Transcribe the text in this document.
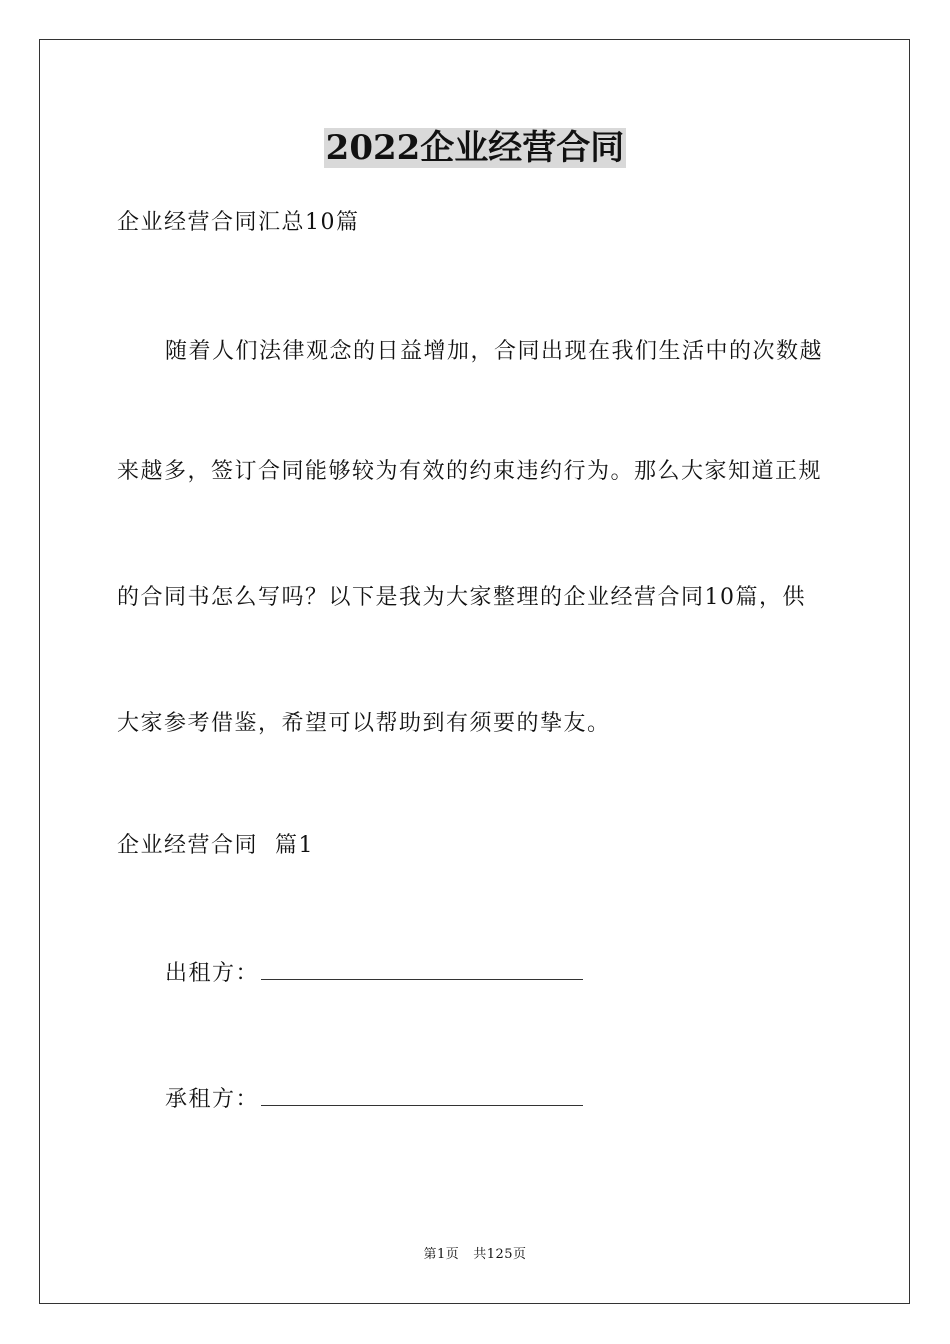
2022企业经营合同
企业经营合同汇总10篇
随着人们法律观念的日益增加，合同出现在我们生活中的次数越
来越多，签订合同能够较为有效的约束违约行为。那么大家知道正规
的合同书怎么写吗？以下是我为大家整理的企业经营合同10篇，供
大家参考借鉴，希望可以帮助到有须要的挚友。
企业经营合同  篇1
出租方：
承租方：
第1页 共125页
